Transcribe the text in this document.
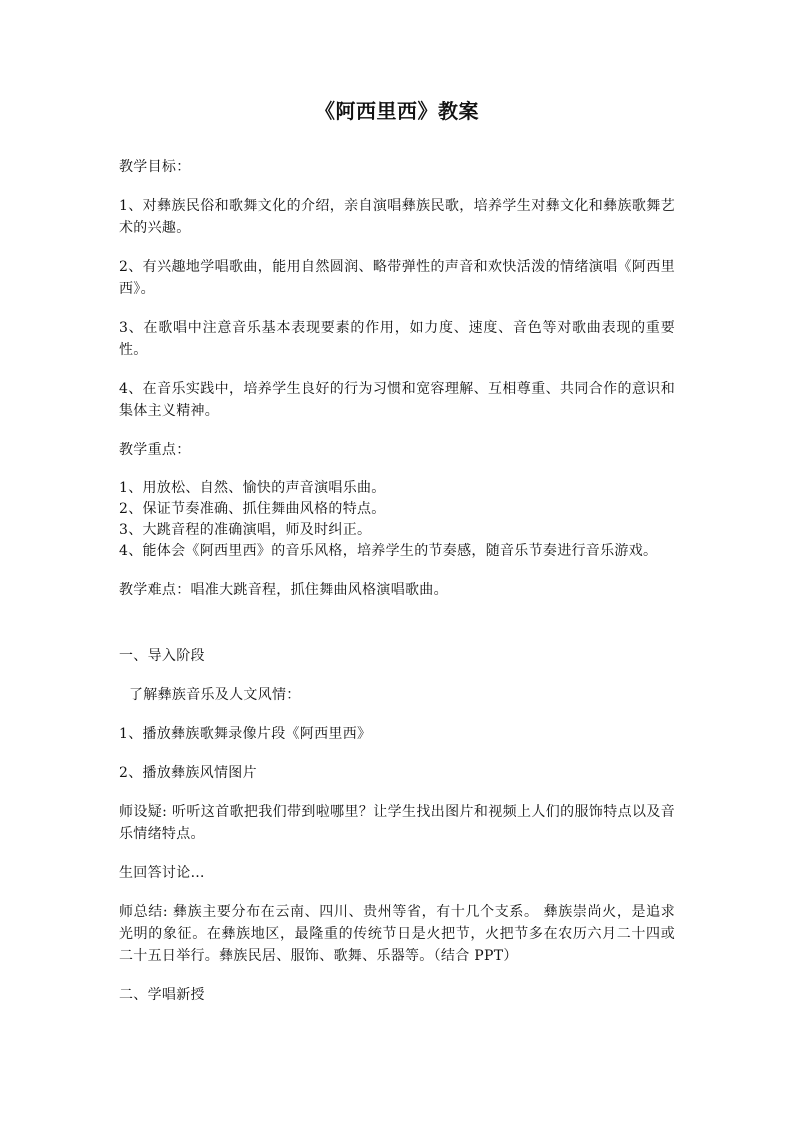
《阿西里西》教案

教学目标：

1、对彝族民俗和歌舞文化的介绍，亲自演唱彝族民歌，培养学生对彝文化和彝族歌舞艺术的兴趣。

2、有兴趣地学唱歌曲，能用自然圆润、略带弹性的声音和欢快活泼的情绪演唱《阿西里西》。

3、在歌唱中注意音乐基本表现要素的作用，如力度、速度、音色等对歌曲表现的重要性。

4、在音乐实践中，培养学生良好的行为习惯和宽容理解、互相尊重、共同合作的意识和集体主义精神。

教学重点：

1、用放松、自然、愉快的声音演唱乐曲。

2、保证节奏准确、抓住舞曲风格的特点。

3、大跳音程的准确演唱，师及时纠正。

4、能体会《阿西里西》的音乐风格，培养学生的节奏感，随音乐节奏进行音乐游戏。

教学难点：唱准大跳音程，抓住舞曲风格演唱歌曲。

一、导入阶段

了解彝族音乐及人文风情：

1、播放彝族歌舞录像片段《阿西里西》

2、播放彝族风情图片

师设疑: 听听这首歌把我们带到啦哪里？让学生找出图片和视频上人们的服饰特点以及音乐情绪特点。

生回答讨论…

师总结: 彝族主要分布在云南、四川、贵州等省，有十几个支系。 彝族崇尚火，是追求光明的象征。在彝族地区，最隆重的传统节日是火把节，火把节多在农历六月二十四或二十五日举行。彝族民居、服饰、歌舞、乐器等。（结合 PPT）

二、学唱新授
